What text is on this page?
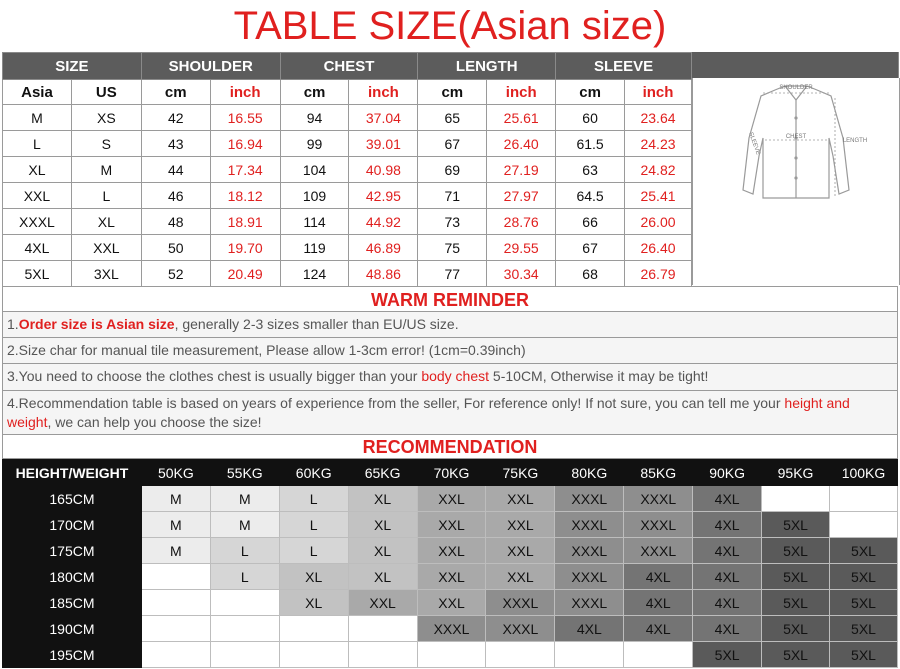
TABLE SIZE(Asian size)
SIZE		SHOULDER		CHEST		LENGTH		SLEEVE	
Asia	US	cm	inch	cm	inch	cm	inch	cm	inch
M	XS	42	16.55	94	37.04	65	25.61	60	23.64
L	S	43	16.94	99	39.01	67	26.40	61.5	24.23
XL	M	44	17.34	104	40.98	69	27.19	63	24.82
XXL	L	46	18.12	109	42.95	71	27.97	64.5	25.41
XXXL	XL	48	18.91	114	44.92	73	28.76	66	26.00
4XL	XXL	50	19.70	119	46.89	75	29.55	67	26.40
5XL	3XL	52	20.49	124	48.86	77	30.34	68	26.79
SHOULDER
CHEST
LENGTH
SLEEVE
WARM REMINDER
1.Order size is Asian size, generally 2-3 sizes smaller than EU/US size.
2.Size char for manual tile measurement, Please allow 1-3cm error! (1cm=0.39inch)
3.You need to choose the clothes chest is usually bigger than your body chest 5-10CM, Otherwise it may be tight!
4.Recommendation table is based on years of experience from the seller, For reference only! If not sure, you can tell me your height and weight, we can help you choose the size!
RECOMMENDATION
HEIGHT/WEIGHT	50KG	55KG	60KG	65KG	70KG	75KG	80KG	85KG	90KG	95KG	100KG
165CM	M	M	L	XL	XXL	XXL	XXXL	XXXL	4XL		
170CM	M	M	L	XL	XXL	XXL	XXXL	XXXL	4XL	5XL	
175CM	M	L	L	XL	XXL	XXL	XXXL	XXXL	4XL	5XL	5XL
180CM		L	XL	XL	XXL	XXL	XXXL	4XL	4XL	5XL	5XL
185CM			XL	XXL	XXL	XXXL	XXXL	4XL	4XL	5XL	5XL
190CM					XXXL	XXXL	4XL	4XL	4XL	5XL	5XL
195CM									5XL	5XL	5XL
